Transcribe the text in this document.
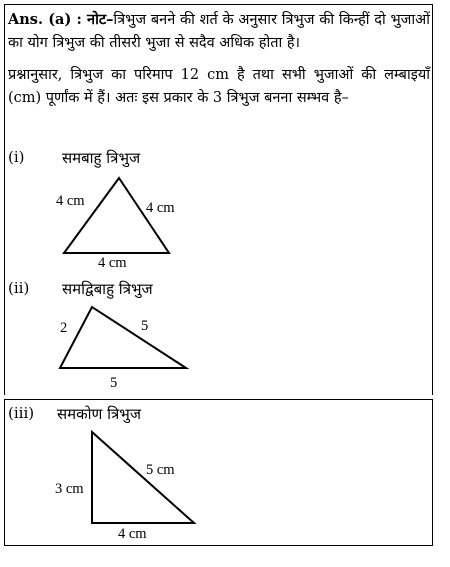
Ans. (a) : नोट–त्रिभुज बनने की शर्त के अनुसार त्रिभुज की किन्हीं दो भुजाओं का योग त्रिभुज की तीसरी भुजा से सदैव अधिक होता है।
प्रश्नानुसार, त्रिभुज का परिमाप 12 cm है तथा सभी भुजाओं की लम्बाइयाँ (cm) पूर्णांक में हैं। अतः इस प्रकार के 3 त्रिभुज बनना सम्भव है–
(i) समबाहु त्रिभुज
4 cm	4 cm
4 cm
(ii) समद्विबाहु त्रिभुज
2	5
5
(iii) समकोण त्रिभुज
3 cm
5 cm
4 cm
